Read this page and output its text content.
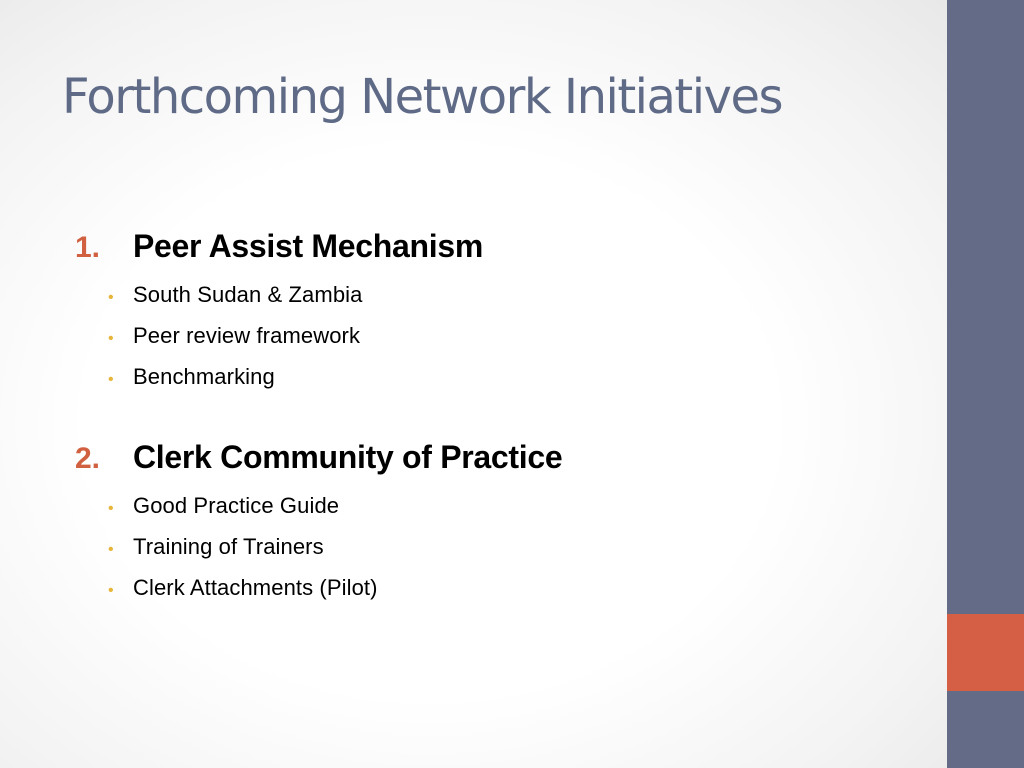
Forthcoming Network Initiatives
1.	Peer Assist Mechanism
• South Sudan & Zambia
• Peer review framework
• Benchmarking
2.	Clerk Community of Practice
• Good Practice Guide
• Training of Trainers
• Clerk Attachments (Pilot)
